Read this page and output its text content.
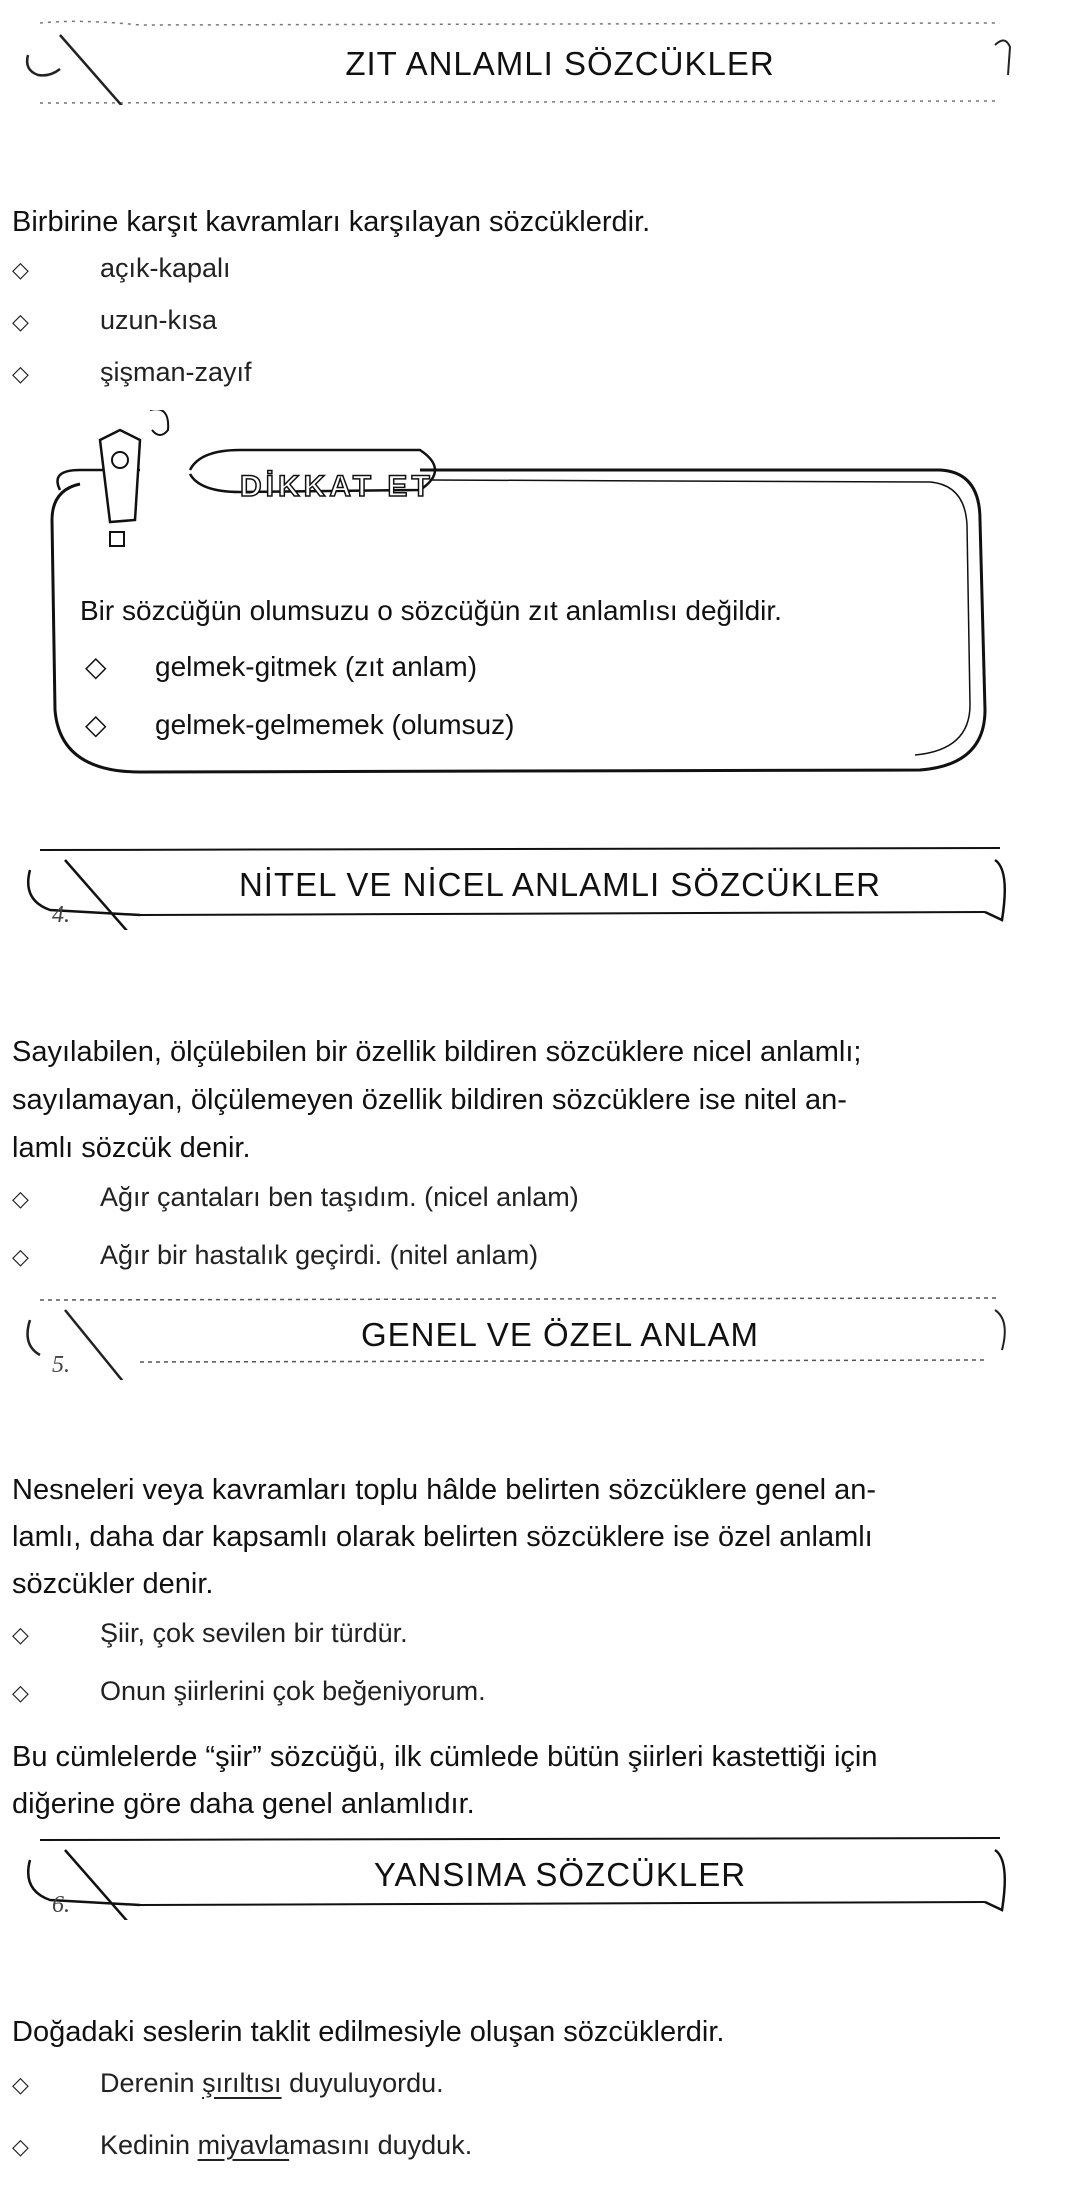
ZIT ANLAMLI SÖZCÜKLER
Birbirine karşıt kavramları karşılayan sözcüklerdir.
◇	açık-kapalı
◇	uzun-kısa
◇	şişman-zayıf
DİKKAT ET
Bir sözcüğün olumsuzu o sözcüğün zıt anlamlısı değildir.
◇ gelmek-gitmek (zıt anlam)
◇ gelmek-gelmemek (olumsuz)
NİTEL VE NİCEL ANLAMLI SÖZCÜKLER
4.
Sayılabilen, ölçülebilen bir özellik bildiren sözcüklere nicel anlamlı;
sayılamayan, ölçülemeyen özellik bildiren sözcüklere ise nitel an-
lamlı sözcük denir.
◇	Ağır çantaları ben taşıdım. (nicel anlam)
◇	Ağır bir hastalık geçirdi. (nitel anlam)
GENEL VE ÖZEL ANLAM
5.
Nesneleri veya kavramları toplu hâlde belirten sözcüklere genel an-
lamlı, daha dar kapsamlı olarak belirten sözcüklere ise özel anlamlı
sözcükler denir.
◇	Şiir, çok sevilen bir türdür.
◇	Onun şiirlerini çok beğeniyorum.
Bu cümlelerde “şiir” sözcüğü, ilk cümlede bütün şiirleri kastettiği için
diğerine göre daha genel anlamlıdır.
YANSIMA SÖZCÜKLER
6.
Doğadaki seslerin taklit edilmesiyle oluşan sözcüklerdir.
◇	Derenin şırıltısı duyuluyordu.
◇	Kedinin miyavlamasını duyduk.
